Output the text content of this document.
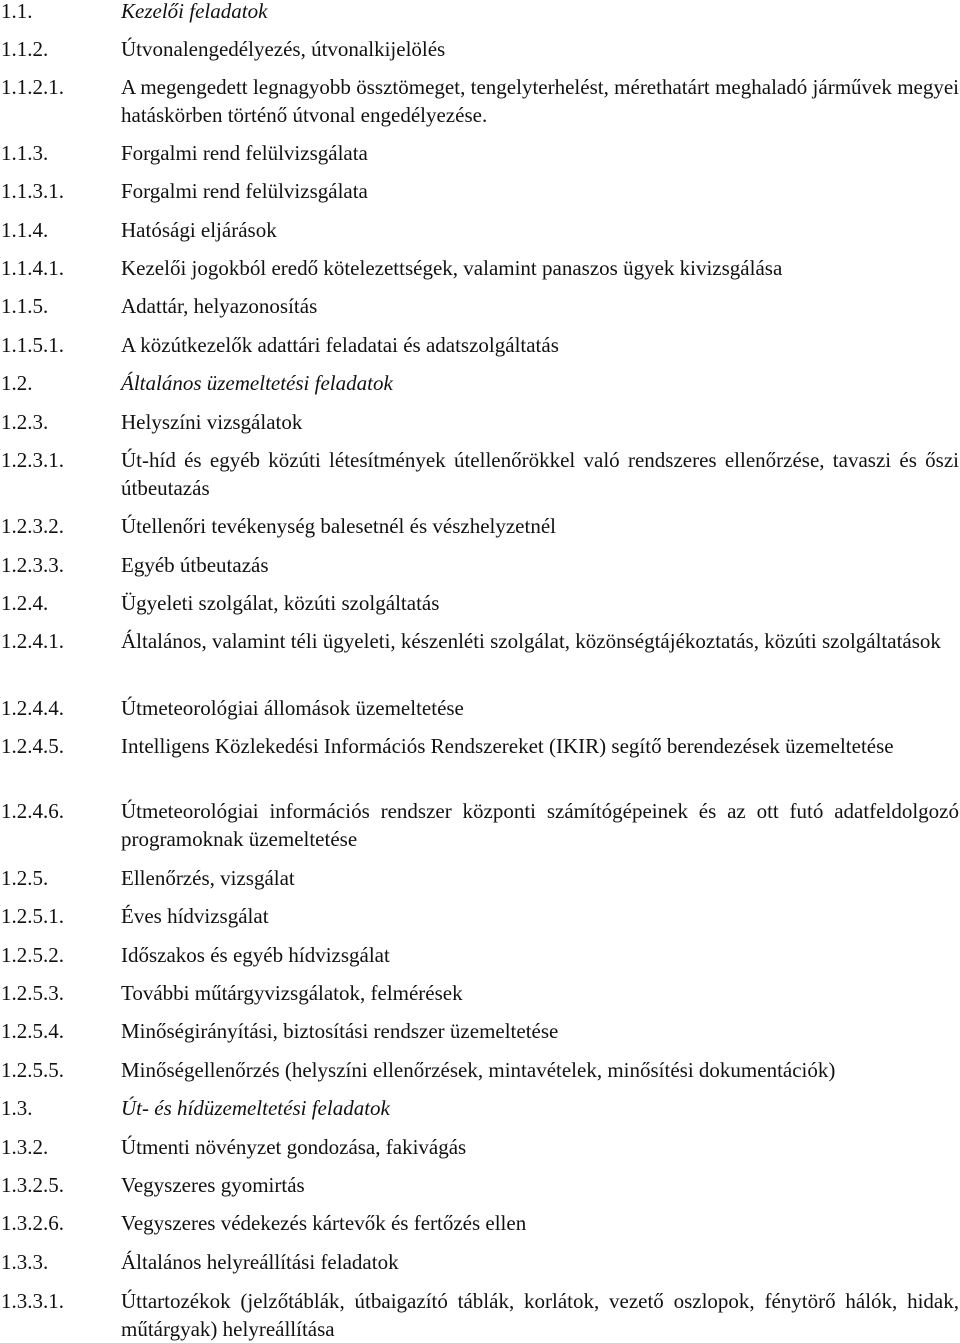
1.1.	Kezelői feladatok
1.1.2.	Útvonalengedélyezés, útvonalkijelölés
1.1.2.1.	A megengedett legnagyobb össztömeget, tengelyterhelést, mérethatárt meghaladó járművek megyei hatáskörben történő útvonal engedélyezése.
1.1.3.	Forgalmi rend felülvizsgálata
1.1.3.1.	Forgalmi rend felülvizsgálata
1.1.4.	Hatósági eljárások
1.1.4.1.	Kezelői jogokból eredő kötelezettségek, valamint panaszos ügyek kivizsgálása
1.1.5.	Adattár, helyazonosítás
1.1.5.1.	A közútkezelők adattári feladatai és adatszolgáltatás
1.2.	Általános üzemeltetési feladatok
1.2.3.	Helyszíni vizsgálatok
1.2.3.1.	Út-híd és egyéb közúti létesítmények útellenőrökkel való rendszeres ellenőrzése, tavaszi és őszi útbeutazás
1.2.3.2.	Útellenőri tevékenység balesetnél és vészhelyzetnél
1.2.3.3.	Egyéb útbeutazás
1.2.4.	Ügyeleti szolgálat, közúti szolgáltatás
1.2.4.1.	Általános, valamint téli ügyeleti, készenléti szolgálat, közönségtájékoztatás, közúti szolgáltatások
1.2.4.4.	Útmeteorológiai állomások üzemeltetése
1.2.4.5.	Intelligens Közlekedési Információs Rendszereket (IKIR) segítő berendezések üzemeltetése
1.2.4.6.	Útmeteorológiai információs rendszer központi számítógépeinek és az ott futó adatfeldolgozó programoknak üzemeltetése
1.2.5.	Ellenőrzés, vizsgálat
1.2.5.1.	Éves hídvizsgálat
1.2.5.2.	Időszakos és egyéb hídvizsgálat
1.2.5.3.	További műtárgyvizsgálatok, felmérések
1.2.5.4.	Minőségirányítási, biztosítási rendszer üzemeltetése
1.2.5.5.	Minőségellenőrzés (helyszíni ellenőrzések, mintavételek, minősítési dokumentációk)
1.3.	Út- és hídüzemeltetési feladatok
1.3.2.	Útmenti növényzet gondozása, fakivágás
1.3.2.5.	Vegyszeres gyomirtás
1.3.2.6.	Vegyszeres védekezés kártevők és fertőzés ellen
1.3.3.	Általános helyreállítási feladatok
1.3.3.1.	Úttartozékok (jelzőtáblák, útbaigazító táblák, korlátok, vezető oszlopok, fénytörő hálók, hidak, műtárgyak) helyreállítása
